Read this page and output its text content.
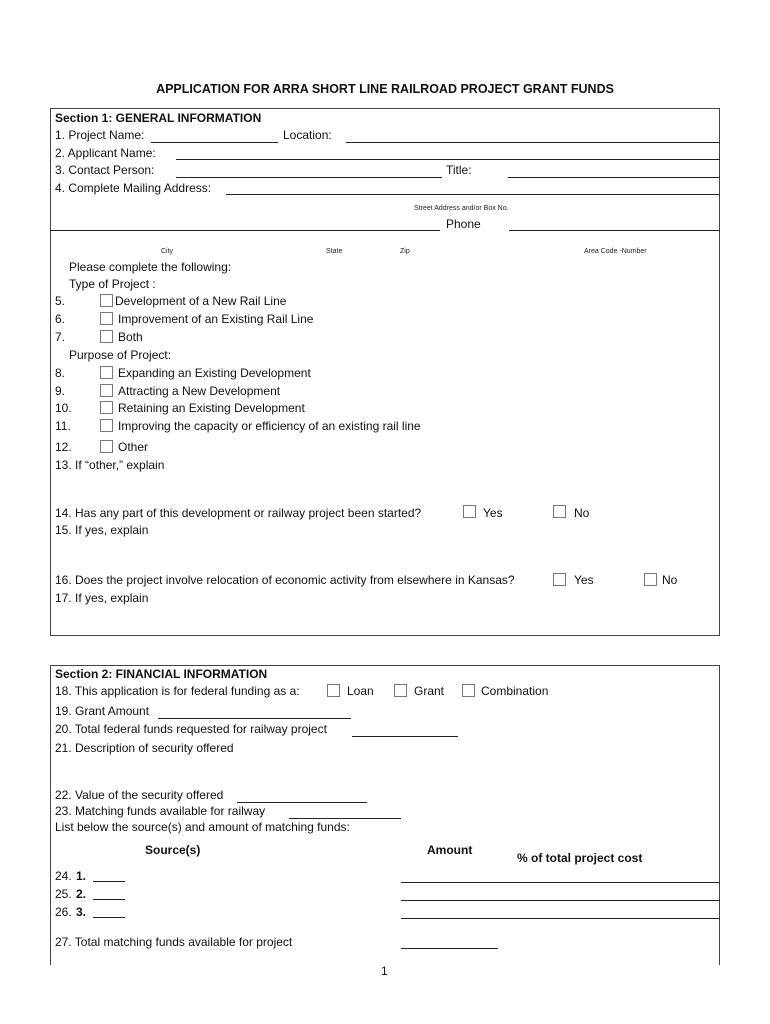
APPLICATION FOR ARRA SHORT LINE RAILROAD PROJECT GRANT FUNDS
Section 1: GENERAL INFORMATION
1. Project Name:	Location:
2. Applicant Name:
3. Contact Person:	Title:
4. Complete Mailing Address:
Street Address and/or Box No.
Phone
City	State	Zip	Area Code -Number
Please complete the following:
Type of Project :
5.	Development of a New Rail Line
6.	Improvement of an Existing Rail Line
7.	Both
Purpose of Project:
8.	Expanding an Existing Development
9.	Attracting a New Development
10.	Retaining an Existing Development
11.	Improving the capacity or efficiency of an existing rail line
12.	Other
13. If “other,” explain
14. Has any part of this development or railway project been started?	Yes	No
15. If yes, explain
16. Does the project involve relocation of economic activity from elsewhere in Kansas?	Yes	No
17. If yes, explain
Section 2: FINANCIAL INFORMATION
18. This application is for federal funding as a:	Loan	Grant	Combination
19. Grant Amount
20. Total federal funds requested for railway project
21. Description of security offered
22. Value of the security offered
23. Matching funds available for railway
List below the source(s) and amount of matching funds:
Source(s)	Amount
% of total project cost
24. 1.
25. 2.
26. 3.
27. Total matching funds available for project
1
